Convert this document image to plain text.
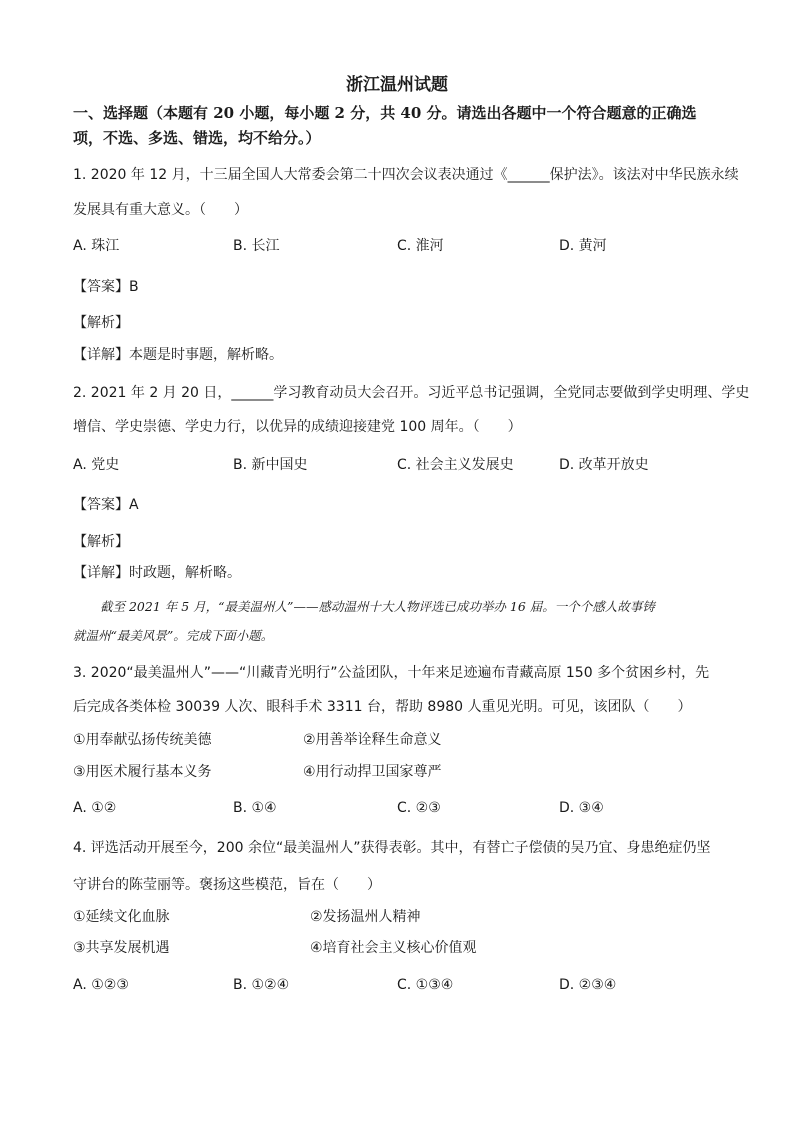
浙江温州试题
一、选择题（本题有 20 小题，每小题 2 分，共 40 分。请选出各题中一个符合题意的正确选
项，不选、多选、错选，均不给分。）
1. 2020 年 12 月，十三届全国人大常委会第二十四次会议表决通过《______保护法》。该法对中华民族永续
发展具有重大意义。（　　）
A. 珠江	B. 长江	C. 淮河	D. 黄河
【答案】B
【解析】
【详解】本题是时事题，解析略。
2. 2021 年 2 月 20 日，______学习教育动员大会召开。习近平总书记强调，全党同志要做到学史明理、学史
增信、学史崇德、学史力行，以优异的成绩迎接建党 100 周年。（　　）
A. 党史	B. 新中国史	C. 社会主义发展史	D. 改革开放史
【答案】A
【解析】
【详解】时政题，解析略。
截至 2021 年 5 月，“最美温州人”——感动温州十大人物评选已成功举办 16 届。一个个感人故事铸
就温州“最美风景”。完成下面小题。
3. 2020“最美温州人”——“川藏青光明行”公益团队，十年来足迹遍布青藏高原 150 多个贫困乡村，先
后完成各类体检 30039 人次、眼科手术 3311 台，帮助 8980 人重见光明。可见，该团队（　　）
①用奉献弘扬传统美德	②用善举诠释生命意义
③用医术履行基本义务	④用行动捍卫国家尊严
A. ①②	B. ①④	C. ②③	D. ③④
4. 评选活动开展至今，200 余位“最美温州人”获得表彰。其中，有替亡子偿债的吴乃宜、身患绝症仍坚
守讲台的陈莹丽等。褒扬这些模范，旨在（　　）
①延续文化血脉	②发扬温州人精神
③共享发展机遇	④培育社会主义核心价值观
A. ①②③	B. ①②④	C. ①③④	D. ②③④
